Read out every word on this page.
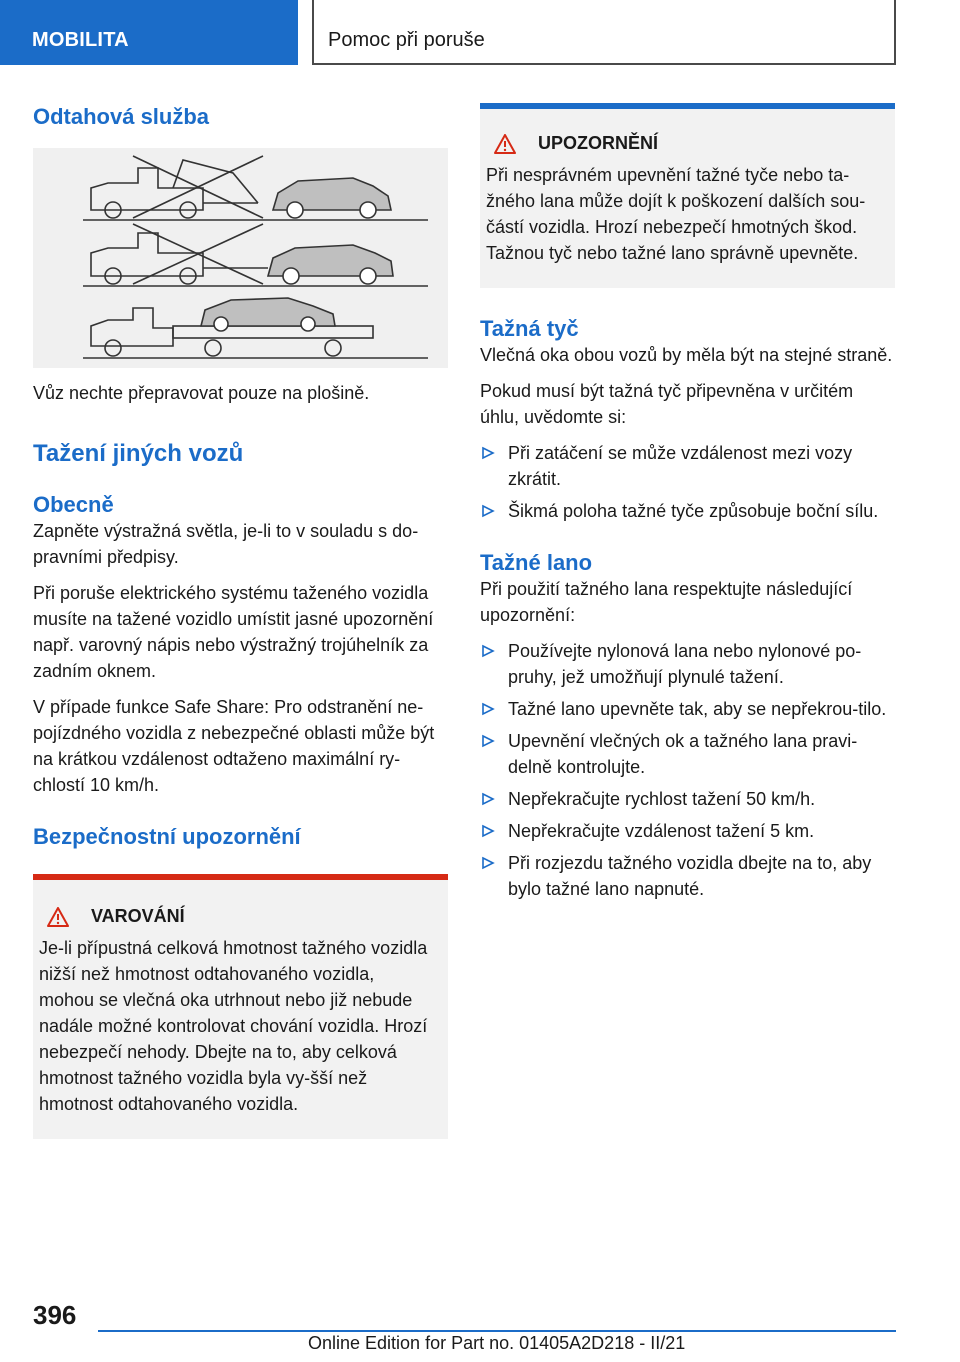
MOBILITA	Pomoc při poruše
Odtahová služba

Vůz nechte přepravovat pouze na plošině.

Tažení jiných vozů
Obecně

Zapněte výstražná světla, je-li to v souladu s do-pravními předpisy.

Při poruše elektrického systému taženého vozidla musíte na tažené vozidlo umístit jasné upozornění např. varovný nápis nebo výstražný trojúhelník za zadním oknem.

V případe funkce Safe Share: Pro odstranění ne-pojízdného vozidla z nebezpečné oblasti může být na krátkou vzdálenost odtaženo maximální ry-chlostí 10 km/h.

Bezpečnostní upozornění
VAROVÁNÍ
Je-li přípustná celková hmotnost tažného vozidla nižší než hmotnost odtahovaného vozidla, mohou se vlečná oka utrhnout nebo již nebude nadále možné kontrolovat chování vozidla. Hrozí nebezpečí nehody. Dbejte na to, aby celková hmotnost tažného vozidla byla vy-šší než hmotnost odtahovaného vozidla.
UPOZORNĚNÍ
Při nesprávném upevnění tažné tyče nebo ta-žného lana může dojít k poškození dalších sou-částí vozidla. Hrozí nebezpečí hmotných škod. Tažnou tyč nebo tažné lano správně upevněte.
Tažná tyč

Vlečná oka obou vozů by měla být na stejné straně.

Pokud musí být tažná tyč připevněna v určitém úhlu, uvědomte si:

Při zatáčení se může vzdálenost mezi vozy zkrátit.
Šikmá poloha tažné tyče způsobuje boční sílu.
Tažné lano

Při použití tažného lana respektujte následující upozornění:

Používejte nylonová lana nebo nylonové po-pruhy, jež umožňují plynulé tažení.
Tažné lano upevněte tak, aby se nepřekrou-tilo.
Upevnění vlečných ok a tažného lana pravi-delně kontrolujte.
Nepřekračujte rychlost tažení 50 km/h.
Nepřekračujte vzdálenost tažení 5 km.
Při rozjezdu tažného vozidla dbejte na to, aby bylo tažné lano napnuté.
396
Online Edition for Part no. 01405A2D218 - II/21
